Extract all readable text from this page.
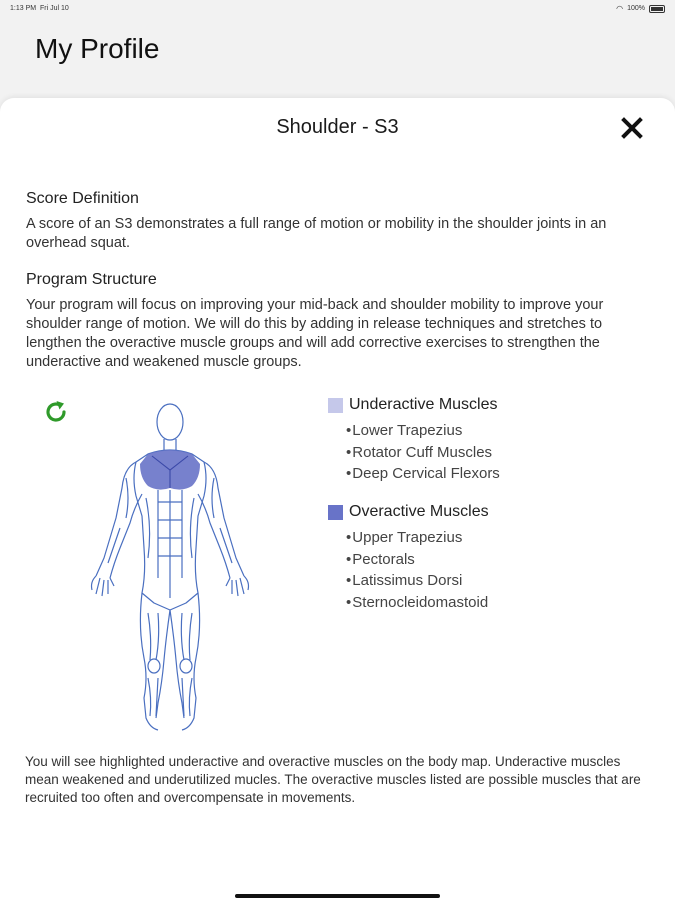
1:13 PM Fri Jul 10	◠ 100%
My Profile
Shoulder - S3
Score Definition
A score of an S3 demonstrates a full range of motion or mobility in the shoulder joints in an overhead squat.
Program Structure
Your program will focus on improving your mid-back and shoulder mobility to improve your shoulder range of motion. We will do this by adding in release techniques and stretches to lengthen the overactive muscle groups and will add corrective exercises to strengthen the underactive and weakened muscle groups.
Underactive Muscles
• Lower Trapezius
• Rotator Cuff Muscles
• Deep Cervical Flexors
Overactive Muscles
• Upper Trapezius
• Pectorals
• Latissimus Dorsi
• Sternocleidomastoid
You will see highlighted underactive and overactive muscles on the body map. Underactive muscles mean weakened and underutilized mucles. The overactive muscles listed are possible muscles that are recruited too often and overcompensate in movements.
